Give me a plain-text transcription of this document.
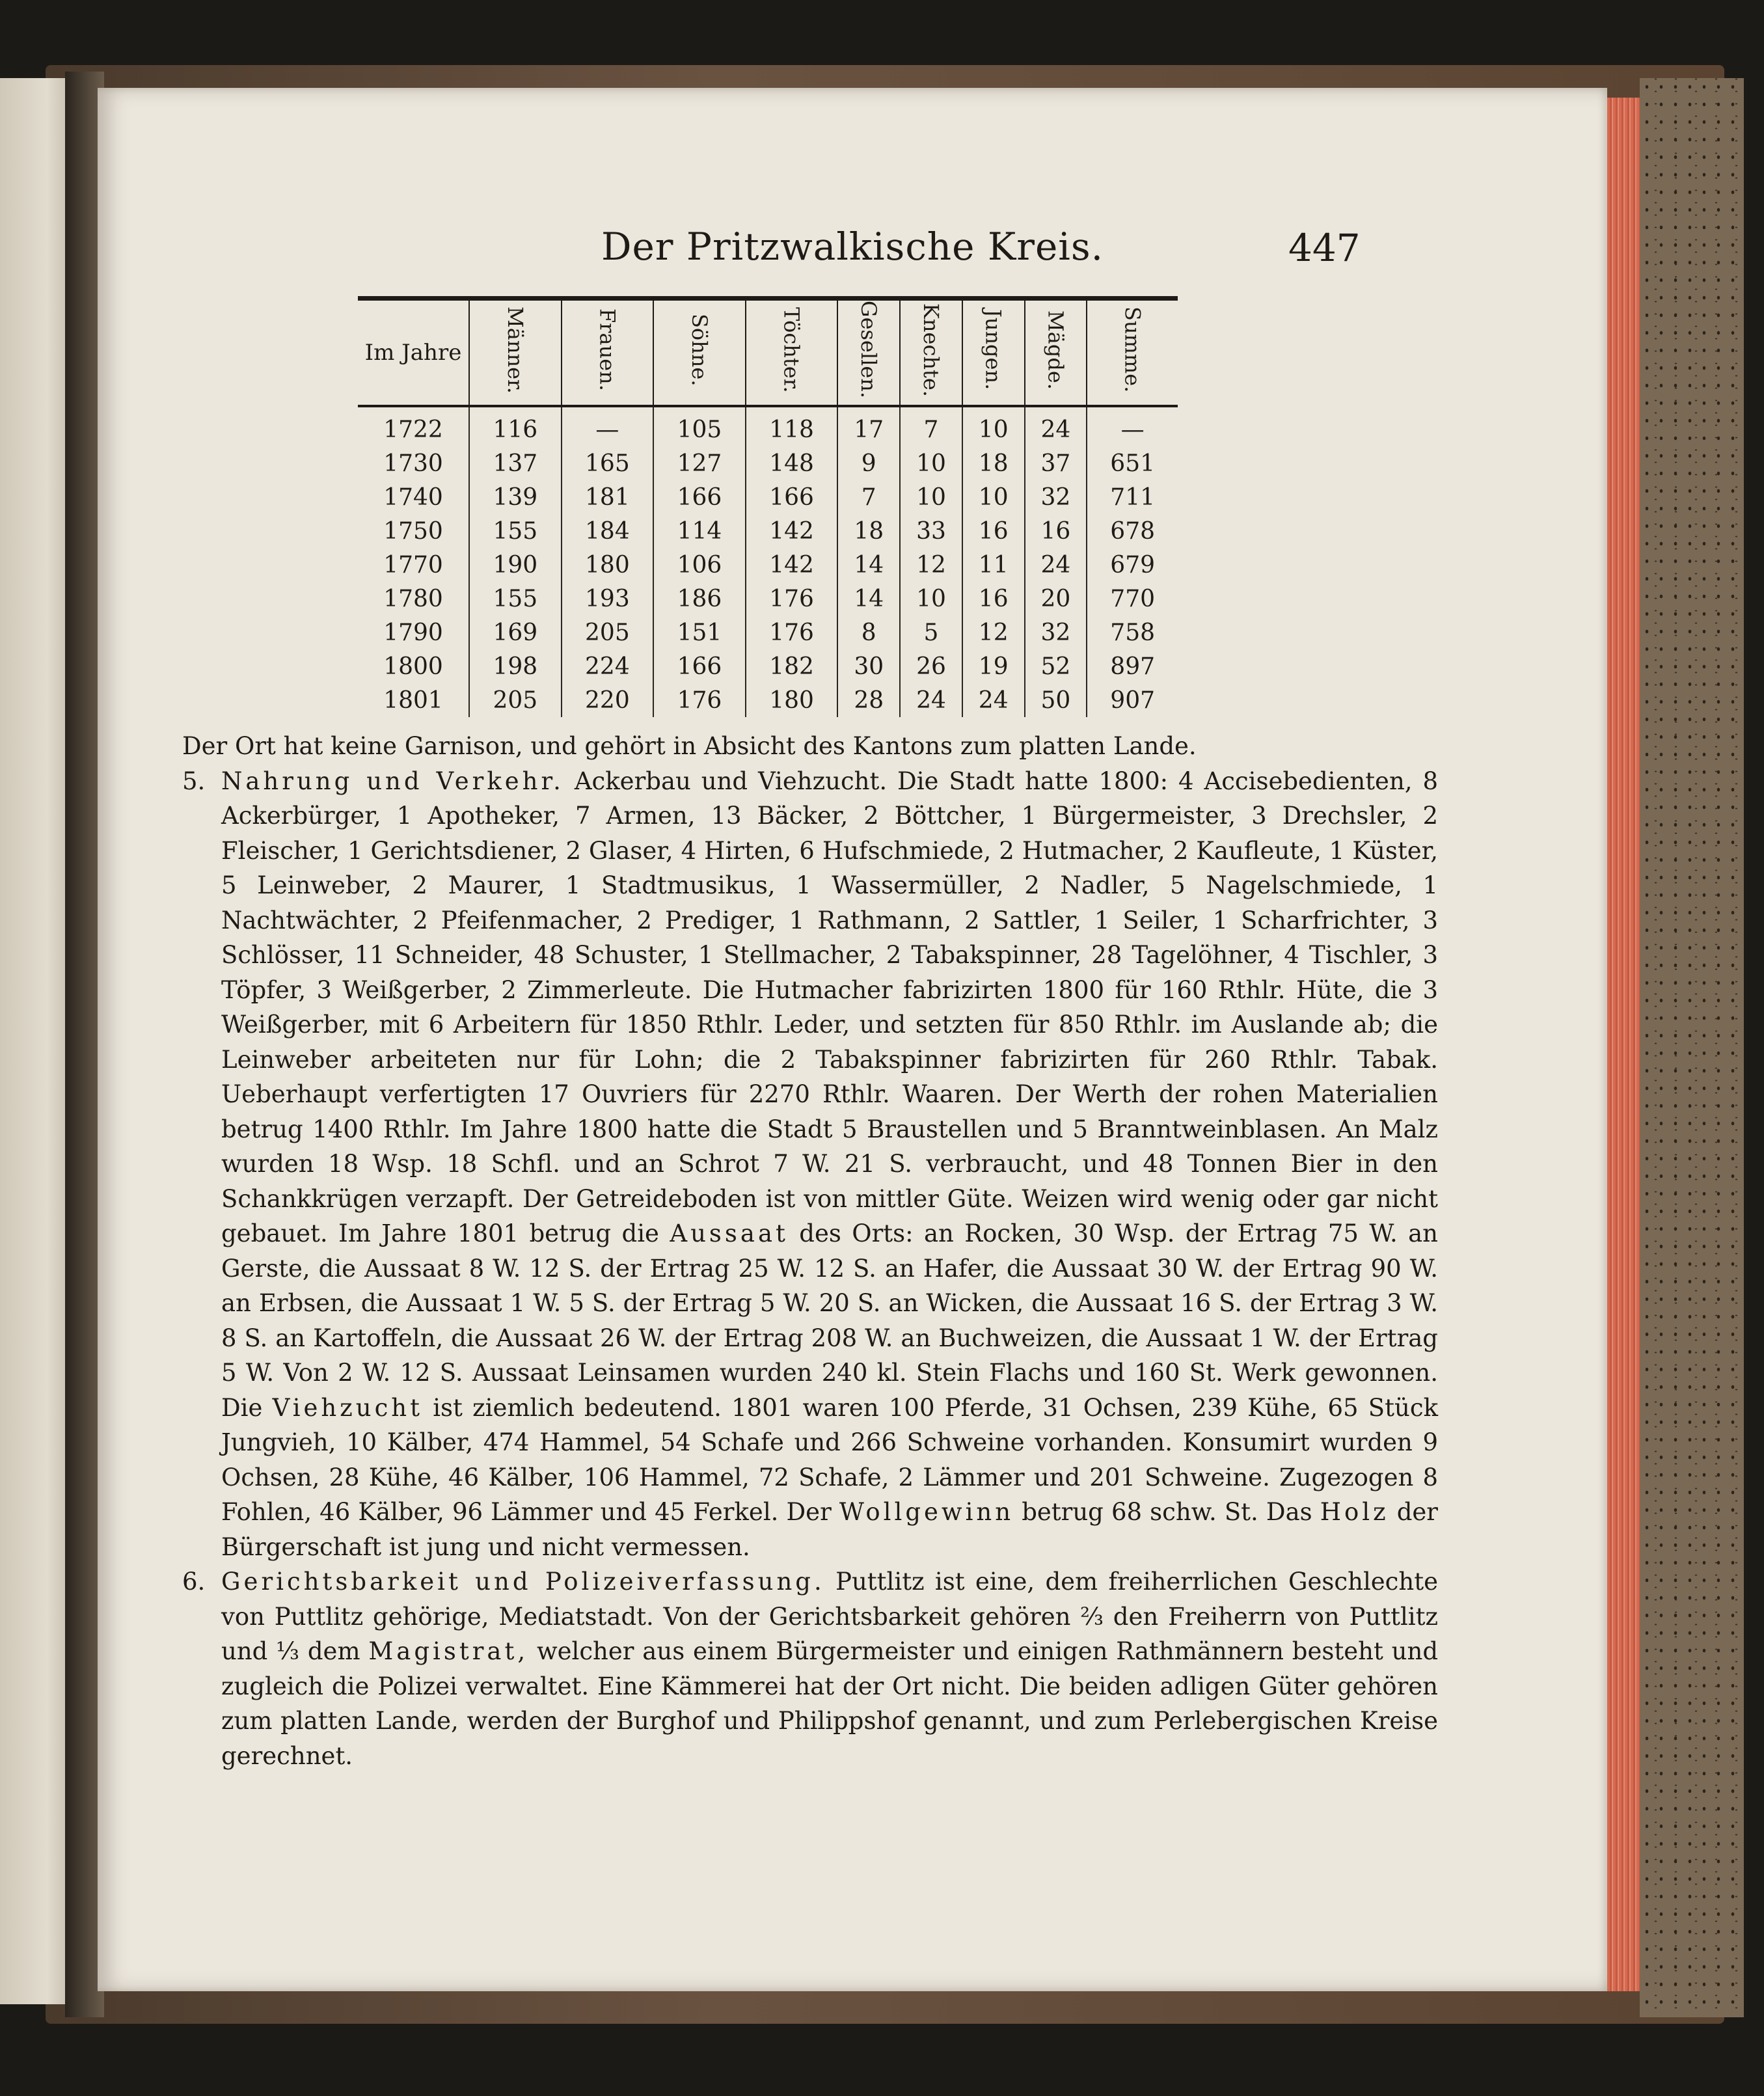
Der Pritzwalkische Kreis.	447
Im Jahre	Männer.	Frauen.	Söhne.	Töchter.	Gesellen.	Knechte.	Jungen.	Mägde.	Summe.
1722	116	—	105	118	17	7	10	24	—
1730	137	165	127	148	9	10	18	37	651
1740	139	181	166	166	7	10	10	32	711
1750	155	184	114	142	18	33	16	16	678
1770	190	180	106	142	14	12	11	24	679
1780	155	193	186	176	14	10	16	20	770
1790	169	205	151	176	8	5	12	32	758
1800	198	224	166	182	30	26	19	52	897
1801	205	220	176	180	28	24	24	50	907

Der Ort hat keine Garnison, und gehört in Absicht des Kantons zum platten Lande.

5. Nahrung und Verkehr. Ackerbau und Viehzucht. Die Stadt hatte 1800: 4 Accisebedienten, 8 Ackerbürger, 1 Apotheker, 7 Armen, 13 Bäcker, 2 Böttcher, 1 Bürgermeister, 3 Drechsler, 2 Fleischer, 1 Gerichtsdiener, 2 Glaser, 4 Hirten, 6 Hufschmiede, 2 Hutmacher, 2 Kaufleute, 1 Küster, 5 Leinweber, 2 Maurer, 1 Stadtmusikus, 1 Wassermüller, 2 Nadler, 5 Nagelschmiede, 1 Nachtwächter, 2 Pfeifenmacher, 2 Prediger, 1 Rathmann, 2 Sattler, 1 Seiler, 1 Scharfrichter, 3 Schlösser, 11 Schneider, 48 Schuster, 1 Stellmacher, 2 Tabakspinner, 28 Tagelöhner, 4 Tischler, 3 Töpfer, 3 Weißgerber, 2 Zimmerleute. Die Hutmacher fabrizirten 1800 für 160 Rthlr. Hüte, die 3 Weißgerber, mit 6 Arbeitern für 1850 Rthlr. Leder, und setzten für 850 Rthlr. im Auslande ab; die Leinweber arbeiteten nur für Lohn; die 2 Tabakspinner fabrizirten für 260 Rthlr. Tabak. Ueberhaupt verfertigten 17 Ouvriers für 2270 Rthlr. Waaren. Der Werth der rohen Materialien betrug 1400 Rthlr. Im Jahre 1800 hatte die Stadt 5 Braustellen und 5 Branntweinblasen. An Malz wurden 18 Wsp. 18 Schfl. und an Schrot 7 W. 21 S. verbraucht, und 48 Tonnen Bier in den Schankkrügen verzapft. Der Getreideboden ist von mittler Güte. Weizen wird wenig oder gar nicht gebauet. Im Jahre 1801 betrug die Aussaat des Orts: an Rocken, 30 Wsp. der Ertrag 75 W. an Gerste, die Aussaat 8 W. 12 S. der Ertrag 25 W. 12 S. an Hafer, die Aussaat 30 W. der Ertrag 90 W. an Erbsen, die Aussaat 1 W. 5 S. der Ertrag 5 W. 20 S. an Wicken, die Aussaat 16 S. der Ertrag 3 W. 8 S. an Kartoffeln, die Aussaat 26 W. der Ertrag 208 W. an Buchweizen, die Aussaat 1 W. der Ertrag 5 W. Von 2 W. 12 S. Aussaat Leinsamen wurden 240 kl. Stein Flachs und 160 St. Werk gewonnen. Die Viehzucht ist ziemlich bedeutend. 1801 waren 100 Pferde, 31 Ochsen, 239 Kühe, 65 Stück Jungvieh, 10 Kälber, 474 Hammel, 54 Schafe und 266 Schweine vorhanden. Konsumirt wurden 9 Ochsen, 28 Kühe, 46 Kälber, 106 Hammel, 72 Schafe, 2 Lämmer und 201 Schweine. Zugezogen 8 Fohlen, 46 Kälber, 96 Lämmer und 45 Ferkel. Der Wollgewinn betrug 68 schw. St. Das Holz der Bürgerschaft ist jung und nicht vermessen.

6. Gerichtsbarkeit und Polizeiverfassung. Puttlitz ist eine, dem freiherrlichen Geschlechte von Puttlitz gehörige, Mediatstadt. Von der Gerichtsbarkeit gehören ⅔ den Freiherrn von Puttlitz und ⅓ dem Magistrat, welcher aus einem Bürgermeister und einigen Rathmännern besteht und zugleich die Polizei verwaltet. Eine Kämmerei hat der Ort nicht. Die beiden adligen Güter gehören zum platten Lande, werden der Burghof und Philippshof genannt, und zum Perlebergischen Kreise gerechnet.
